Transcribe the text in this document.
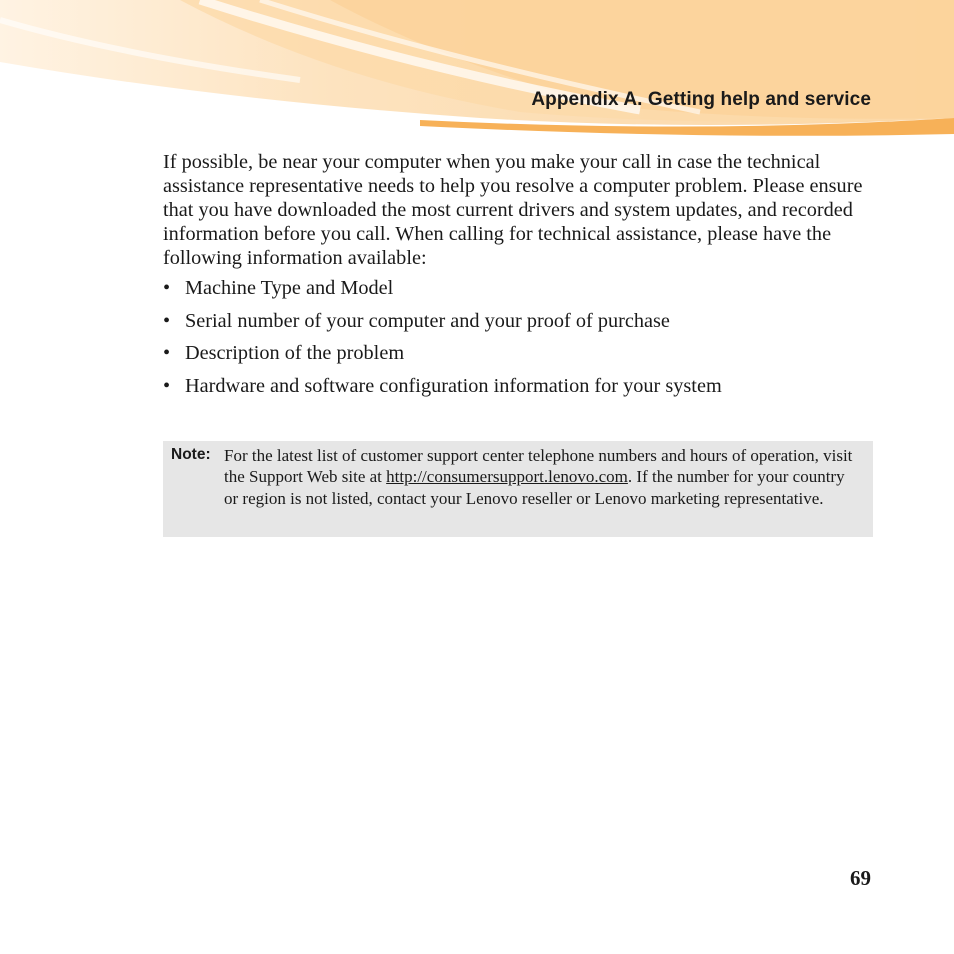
Appendix A. Getting help and service

If possible, be near your computer when you make your call in case the technical assistance representative needs to help you resolve a computer problem. Please ensure that you have downloaded the most current drivers and system updates, and recorded information before you call. When calling for technical assistance, please have the following information available:

• Machine Type and Model
• Serial number of your computer and your proof of purchase
• Description of the problem
• Hardware and software configuration information for your system
Note: For the latest list of customer support center telephone numbers and hours of operation, visit the Support Web site at http://consumersupport.lenovo.com. If the number for your country or region is not listed, contact your Lenovo reseller or Lenovo marketing representative.
69
